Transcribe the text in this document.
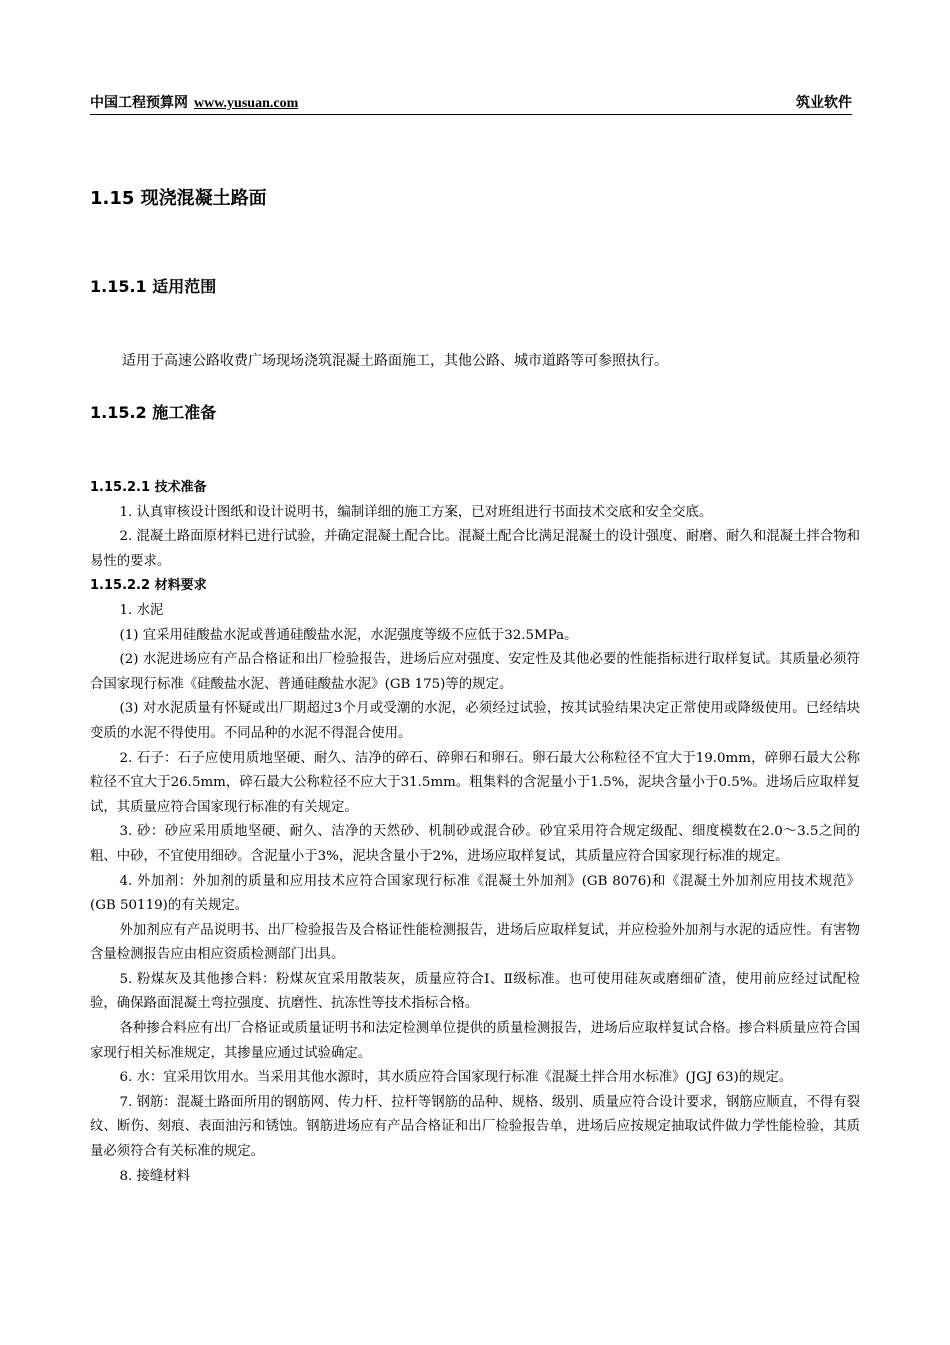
中国工程预算网 www.yusuan.com	筑业软件
1.15 现浇混凝土路面
1.15.1 适用范围
适用于高速公路收费广场现场浇筑混凝土路面施工，其他公路、城市道路等可参照执行。
1.15.2 施工准备

1.15.2.1 技术准备

1. 认真审核设计图纸和设计说明书，编制详细的施工方案，已对班组进行书面技术交底和安全交底。

2. 混凝土路面原材料已进行试验，并确定混凝土配合比。混凝土配合比满足混凝土的设计强度、耐磨、耐久和混凝土拌合物和易性的要求。

1.15.2.2 材料要求

1. 水泥

(1) 宜采用硅酸盐水泥或普通硅酸盐水泥，水泥强度等级不应低于32.5MPa。

(2) 水泥进场应有产品合格证和出厂检验报告，进场后应对强度、安定性及其他必要的性能指标进行取样复试。其质量必须符合国家现行标准《硅酸盐水泥、普通硅酸盐水泥》(GB 175)等的规定。

(3) 对水泥质量有怀疑或出厂期超过3个月或受潮的水泥，必须经过试验，按其试验结果决定正常使用或降级使用。已经结块变质的水泥不得使用。不同品种的水泥不得混合使用。

2. 石子：石子应使用质地坚硬、耐久、洁净的碎石、碎卵石和卵石。卵石最大公称粒径不宜大于19.0mm，碎卵石最大公称粒径不宜大于26.5mm，碎石最大公称粒径不应大于31.5mm。粗集料的含泥量小于1.5%，泥块含量小于0.5%。进场后应取样复试，其质量应符合国家现行标准的有关规定。

3. 砂：砂应采用质地坚硬、耐久、洁净的天然砂、机制砂或混合砂。砂宜采用符合规定级配、细度模数在2.0～3.5之间的粗、中砂，不宜使用细砂。含泥量小于3%，泥块含量小于2%，进场应取样复试，其质量应符合国家现行标准的规定。

4. 外加剂：外加剂的质量和应用技术应符合国家现行标准《混凝土外加剂》(GB 8076)和《混凝土外加剂应用技术规范》(GB 50119)的有关规定。

外加剂应有产品说明书、出厂检验报告及合格证性能检测报告，进场后应取样复试，并应检验外加剂与水泥的适应性。有害物含量检测报告应由相应资质检测部门出具。

5. 粉煤灰及其他掺合料：粉煤灰宜采用散装灰，质量应符合Ⅰ、Ⅱ级标准。也可使用硅灰或磨细矿渣，使用前应经过试配检验，确保路面混凝土弯拉强度、抗磨性、抗冻性等技术指标合格。

各种掺合料应有出厂合格证或质量证明书和法定检测单位提供的质量检测报告，进场后应取样复试合格。掺合料质量应符合国家现行相关标准规定，其掺量应通过试验确定。

6. 水：宜采用饮用水。当采用其他水源时，其水质应符合国家现行标准《混凝土拌合用水标准》(JGJ 63)的规定。

7. 钢筋：混凝土路面所用的钢筋网、传力杆、拉杆等钢筋的品种、规格、级别、质量应符合设计要求，钢筋应顺直，不得有裂纹、断伤、刻痕、表面油污和锈蚀。钢筋进场应有产品合格证和出厂检验报告单，进场后应按规定抽取试件做力学性能检验，其质量必须符合有关标准的规定。

8. 接缝材料
